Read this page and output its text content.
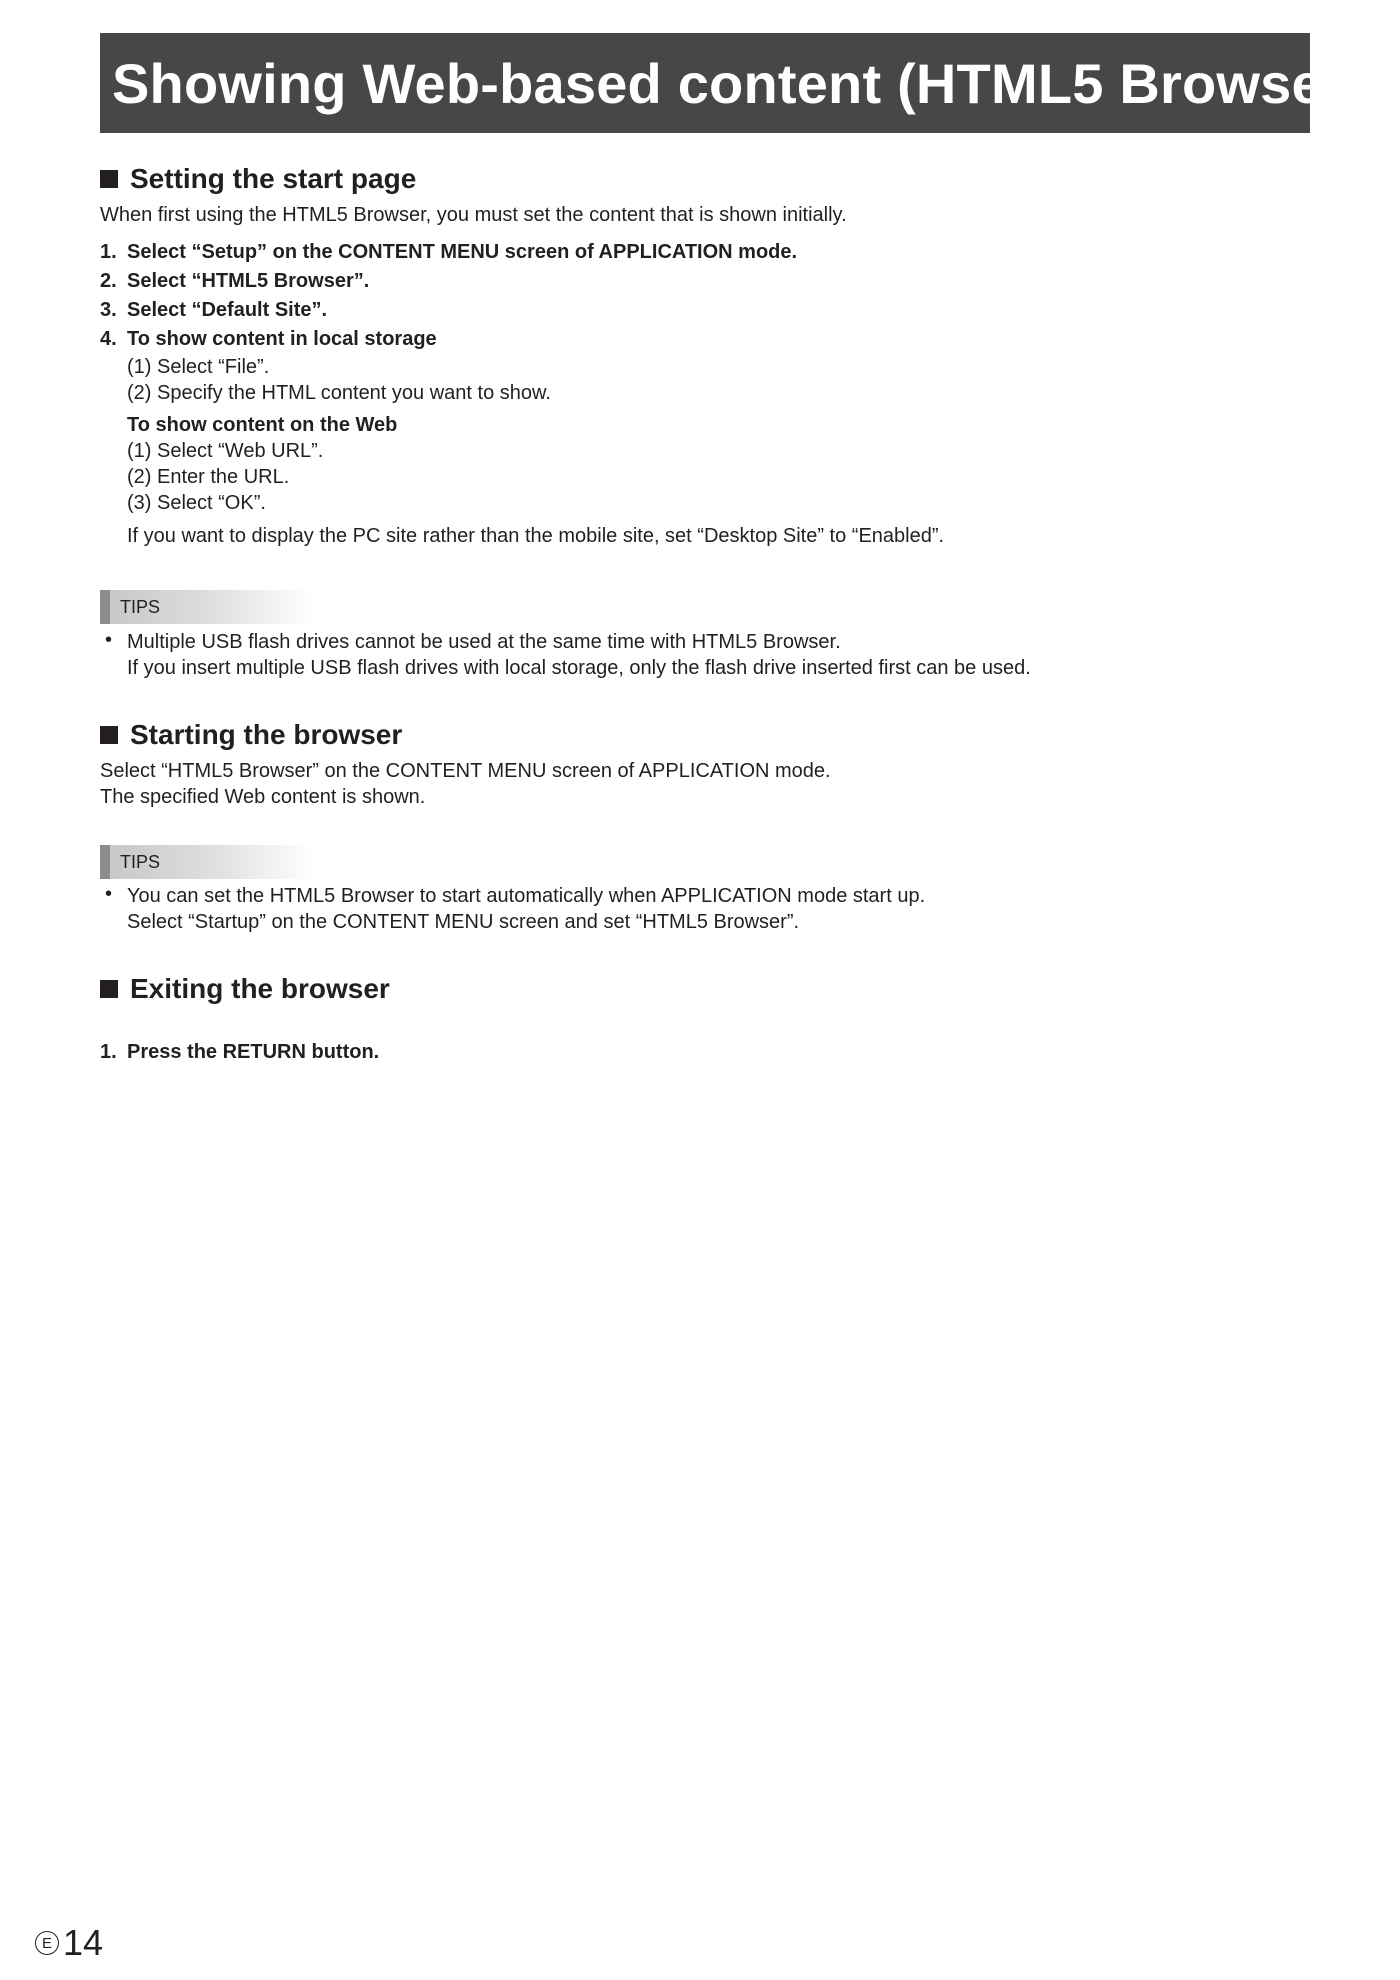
Showing Web-based content (HTML5 Browser)
Setting the start page
When first using the HTML5 Browser, you must set the content that is shown initially.
1. Select “Setup” on the CONTENT MENU screen of APPLICATION mode.
2. Select “HTML5 Browser”.
3. Select “Default Site”.
4. To show content in local storage
(1) Select “File”.
(2) Specify the HTML content you want to show.
To show content on the Web
(1) Select “Web URL”.
(2) Enter the URL.
(3) Select “OK”.
If you want to display the PC site rather than the mobile site, set “Desktop Site” to “Enabled”.
TIPS
• Multiple USB flash drives cannot be used at the same time with HTML5 Browser.
If you insert multiple USB flash drives with local storage, only the flash drive inserted first can be used.
Starting the browser
Select “HTML5 Browser” on the CONTENT MENU screen of APPLICATION mode.
The specified Web content is shown.
TIPS
• You can set the HTML5 Browser to start automatically when APPLICATION mode start up.
Select “Startup” on the CONTENT MENU screen and set “HTML5 Browser”.
Exiting the browser
1. Press the RETURN button.
E 14
